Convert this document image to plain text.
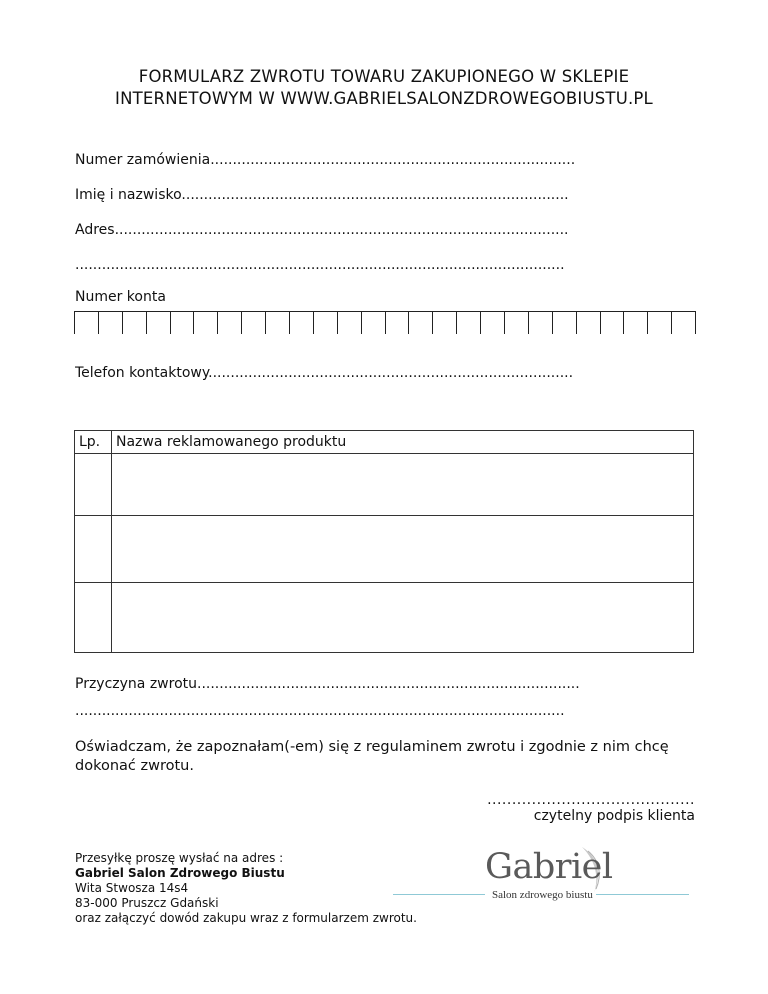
FORMULARZ ZWROTU TOWARU ZAKUPIONEGO W SKLEPIE
INTERNETOWYM W WWW.GABRIELSALONZDROWEGOBIUSTU.PL
Numer zamówienia..................................................................................
Imię i nazwisko.......................................................................................
Adres......................................................................................................
..............................................................................................................
Numer konta
Telefon kontaktowy..................................................................................
Lp.	Nazwa reklamowanego produktu

Przyczyna zwrotu......................................................................................
..............................................................................................................
Oświadczam, że zapoznałam(-em) się z regulaminem zwrotu i zgodnie z nim chcę dokonać zwrotu.
..........................................
czytelny podpis klienta
Przesyłkę proszę wysłać na adres :
Gabriel Salon Zdrowego Biustu
Wita Stwosza 14s4
83-000 Pruszcz Gdański
oraz załączyć dowód zakupu wraz z formularzem zwrotu.
Gabriel
Salon zdrowego biustu
